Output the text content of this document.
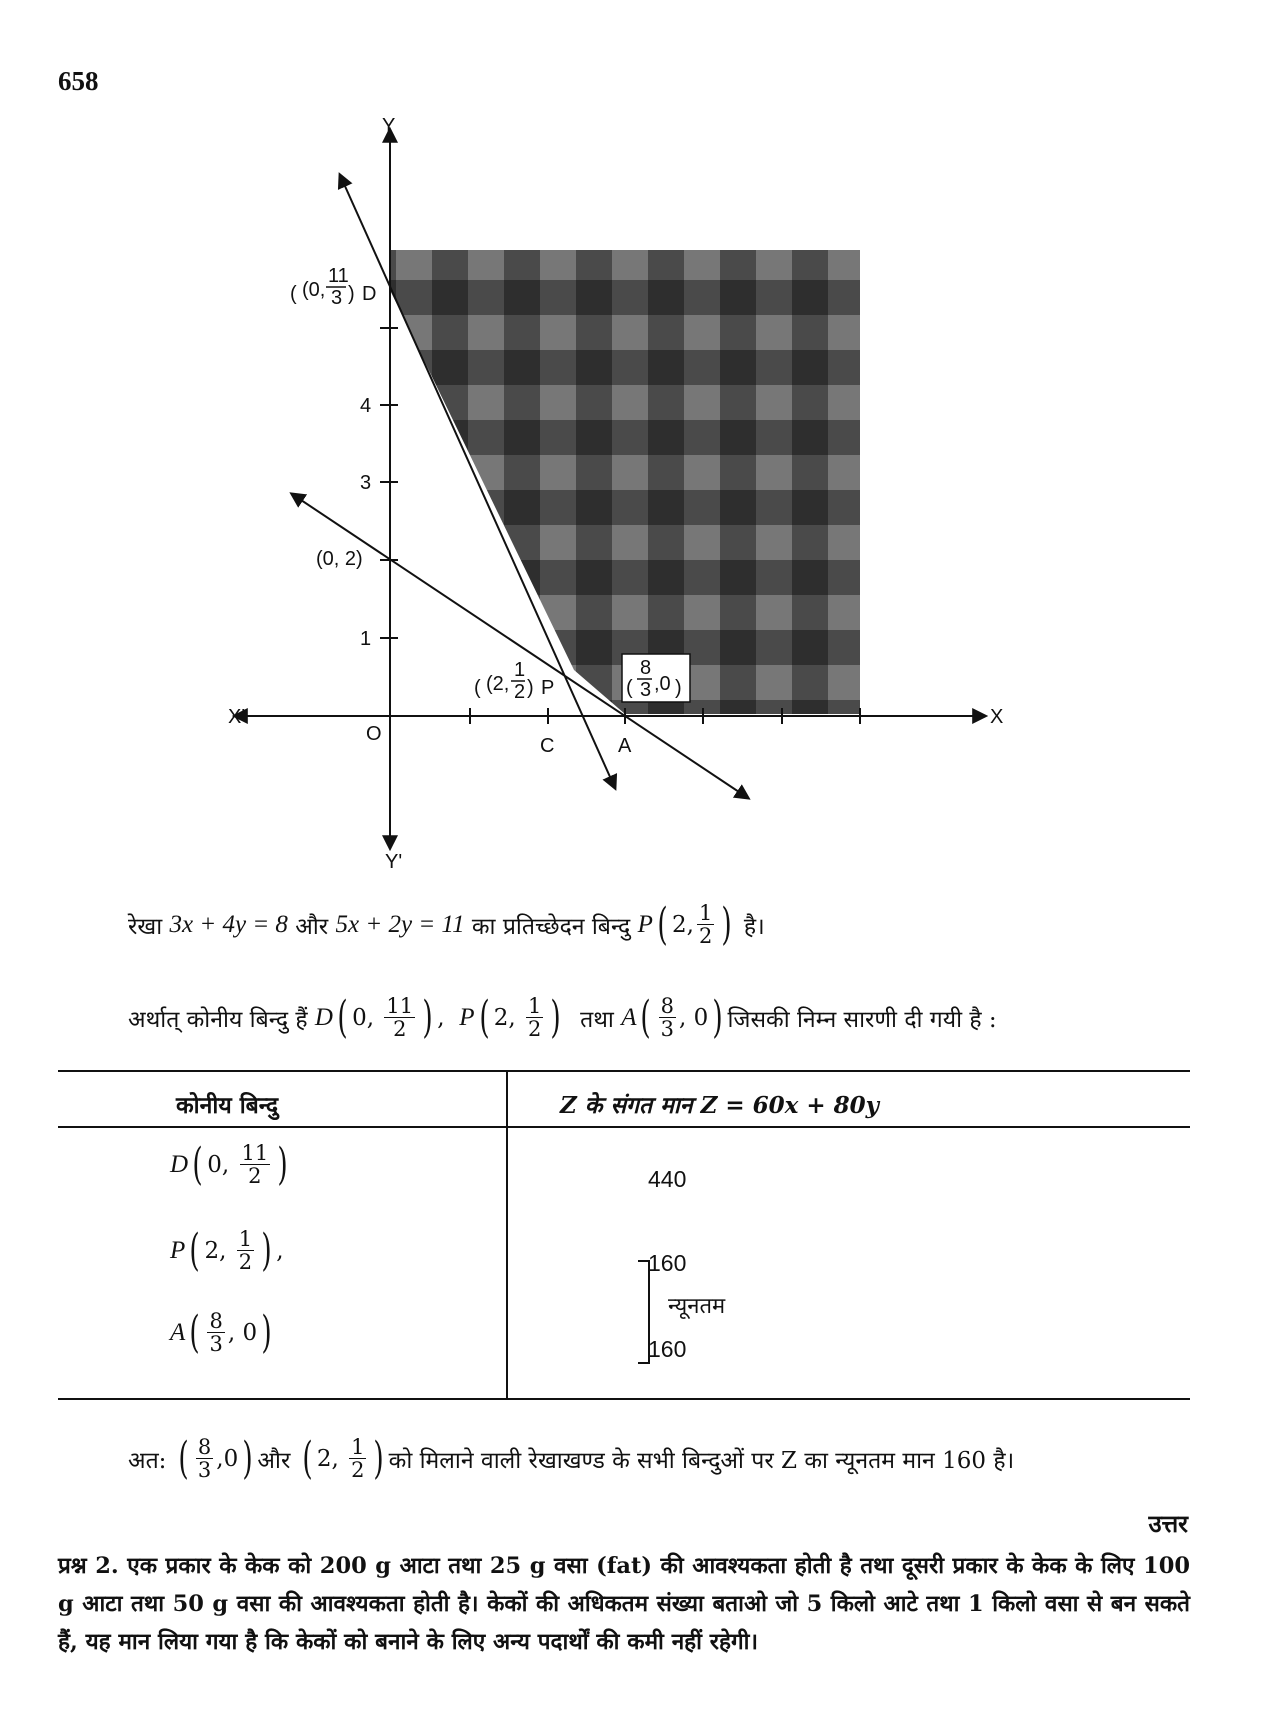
658
Y
Y'
X
X'
O
1
3
4
( (0,
11
3 ) D
(0, 2)
( (2,
1
2 ) P	(
8
3 ,0 )
C	A
रेखा
3x + 4y = 8
और
5x + 2y = 11
का प्रतिच्छेदन बिन्दु
P ( 2, $\frac{1}{2}$ )
है।
अर्थात् कोनीय बिन्दु हैं
D ( 0,
$\frac{11}{2}$ ) , P ( 2,
$\frac{1}{2}$ )
तथा
A ( $\frac{8}{3}$ , 0 ) जिसकी निम्न सारणी दी गयी है :
कोनीय बिन्दु	Z के संगत मान Z = 60x + 80y
D ( 0,
$\frac{11}{2}$ )	440
P ( 2,
$\frac{1}{2}$ ) ,	160
A ( $\frac{8}{3}$ , 0 )	160
न्यूनतम
अत:
( $\frac{8}{3} ,0$ ) और
( 2,
$\frac{1}{2}$ ) को मिलाने वाली रेखाखण्ड के सभी बिन्दुओं पर Z का न्यूनतम मान 160 है।
उत्तर
प्रश्न 2. एक प्रकार के केक को 200 g आटा तथा 25 g वसा (fat) की आवश्यकता होती है तथा दूसरी प्रकार के केक के लिए 100 g आटा तथा 50 g वसा की आवश्यकता होती है। केकों की अधिकतम संख्या बताओ जो 5 किलो आटे तथा 1 किलो वसा से बन सकते हैं, यह मान लिया गया है कि केकों को बनाने के लिए अन्य पदार्थों की कमी नहीं रहेगी।
